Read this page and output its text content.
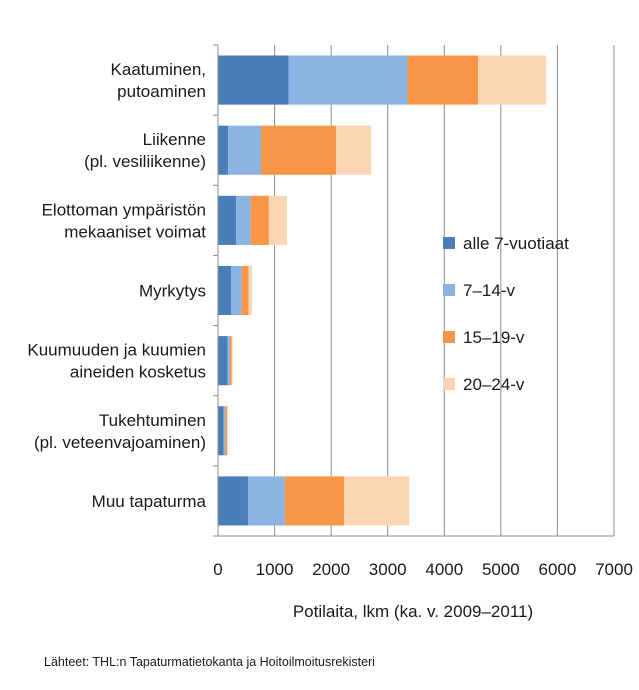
Kaatuminen, putoaminen
Liikenne (pl. vesiliikenne)
Elottoman ympäristön mekaaniset voimat
Myrkytys
Kuumuuden ja kuumien aineiden kosketus
Tukehtuminen (pl. veteenvajoaminen)
Muu tapaturma
0 1000 2000 3000 4000 5000 6000 7000
Potilaita, lkm (ka. v. 2009–2011)
alle 7-vuotiaat
7–14-v
15–19-v
20–24-v
Lähteet: THL:n Tapaturmatietokanta ja Hoitoilmoitusrekisteri
